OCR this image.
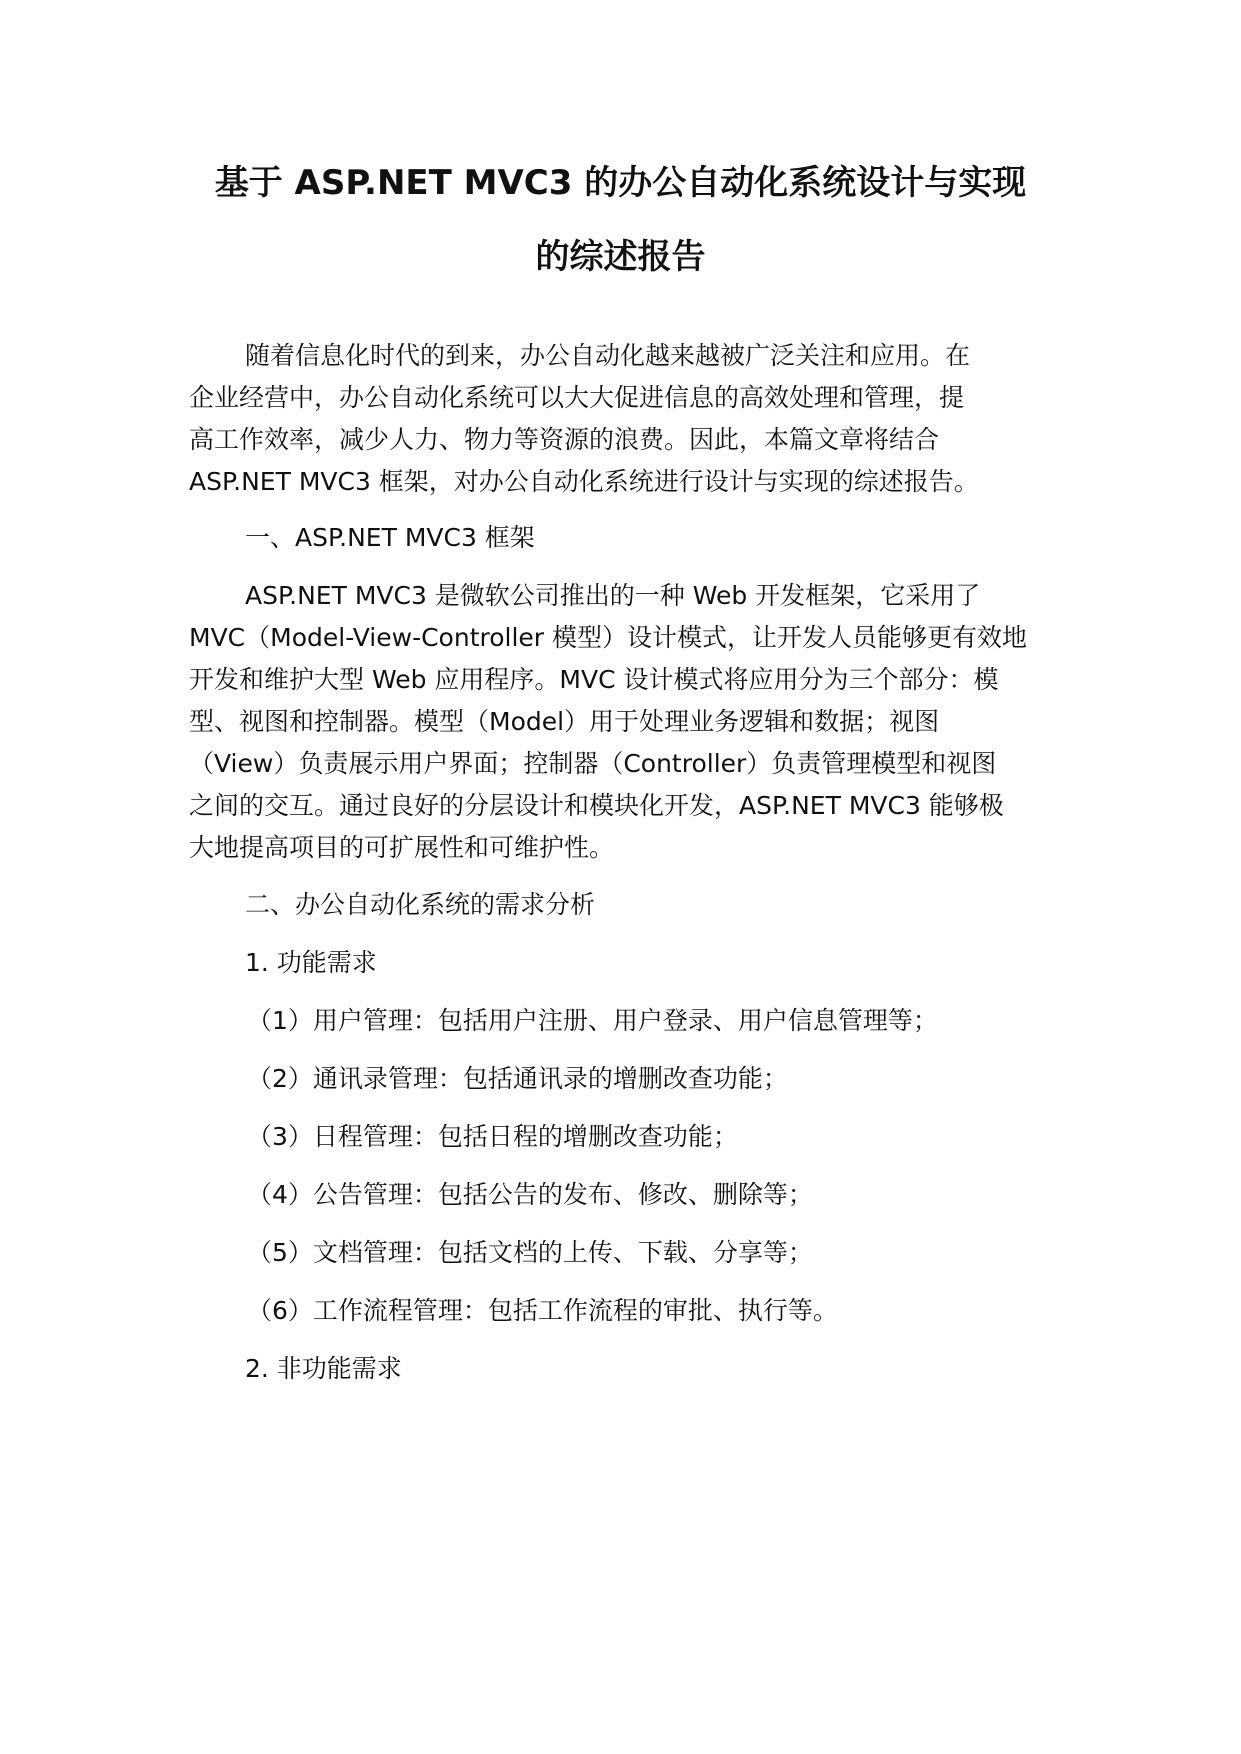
基于 ASP.NET MVC3 的办公自动化系统设计与实现
的综述报告
随着信息化时代的到来，办公自动化越来越被广泛关注和应用。在
企业经营中，办公自动化系统可以大大促进信息的高效处理和管理，提
高工作效率，减少人力、物力等资源的浪费。因此，本篇文章将结合
ASP.NET MVC3 框架，对办公自动化系统进行设计与实现的综述报告。
一、ASP.NET MVC3 框架
ASP.NET MVC3 是微软公司推出的一种 Web 开发框架，它采用了
MVC（Model-View-Controller 模型）设计模式，让开发人员能够更有效地
开发和维护大型 Web 应用程序。MVC 设计模式将应用分为三个部分：模
型、视图和控制器。模型（Model）用于处理业务逻辑和数据；视图
（View）负责展示用户界面；控制器（Controller）负责管理模型和视图
之间的交互。通过良好的分层设计和模块化开发，ASP.NET MVC3 能够极
大地提高项目的可扩展性和可维护性。
二、办公自动化系统的需求分析
1. 功能需求
（1）用户管理：包括用户注册、用户登录、用户信息管理等；
（2）通讯录管理：包括通讯录的增删改查功能；
（3）日程管理：包括日程的增删改查功能；
（4）公告管理：包括公告的发布、修改、删除等；
（5）文档管理：包括文档的上传、下载、分享等；
（6）工作流程管理：包括工作流程的审批、执行等。
2. 非功能需求
